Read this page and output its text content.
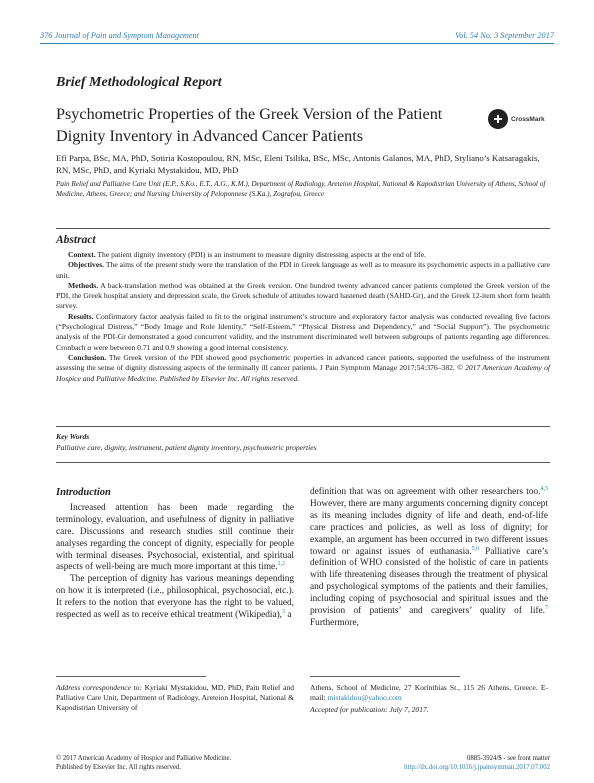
376 Journal of Pain and Symptom Management	Vol. 54 No. 3 September 2017
Brief Methodological Report
Psychometric Properties of the Greek Version of the Patient Dignity Inventory in Advanced Cancer Patients
CrossMark
Efi Parpa, BSc, MA, PhD, Sotiria Kostopoulou, RN, MSc, Eleni Tsilika, BSc, MSc, Antonis Galanos, MA, PhD, Styliano’s Katsaragakis, RN, MSc, PhD, and Kyriaki Mystakidou, MD, PhD
Pain Relief and Palliative Care Unit (E.P., S.Ko., E.T., A.G., K.M.), Department of Radiology, Areteion Hospital, National & Kapodistrian University of Athens, School of Medicine, Athens, Greece; and Nursing University of Peloponnese (S.Ka.), Zografou, Greece
Abstract

Context. The patient dignity inventory (PDI) is an instrument to measure dignity distressing aspects at the end of life.

Objectives. The aims of the present study were the translation of the PDI in Greek language as well as to measure its psychometric aspects in a palliative care unit.

Methods. A back-translation method was obtained at the Greek version. One hundred twenty advanced cancer patients completed the Greek version of the PDI, the Greek hospital anxiety and depression scale, the Greek schedule of attitudes toward hastened death (SAHD-Gr), and the Greek 12-item short form health survey.

Results. Confirmatory factor analysis failed to fit to the original instrument’s structure and exploratory factor analysis was conducted revealing five factors (“Psychological Distress,” “Body Image and Role Identity,” “Self-Esteem,” “Physical Distress and Dependency,” and “Social Support”). The psychometric analysis of the PDI-Gr demonstrated a good concurrent validity, and the instrument discriminated well between subgroups of patients regarding age differences. Cronbach α were between 0.71 and 0.9 showing a good internal consistency.

Conclusion. The Greek version of the PDI showed good psychometric properties in advanced cancer patients, supported the usefulness of the instrument assessing the sense of dignity distressing aspects of the terminally ill cancer patients. J Pain Symptom Manage 2017;54:376–382. © 2017 American Academy of Hospice and Palliative Medicine. Published by Elsevier Inc. All rights reserved.

Key Words
Palliative care, dignity, instrument, patient dignity inventory, psychometric properties
Introduction

Increased attention has been made regarding the terminology, evaluation, and usefulness of dignity in palliative care. Discussions and research studies still continue their analyses regarding the concept of dignity, especially for people with terminal diseases. Psychosocial, existential, and spiritual aspects of well-being are much more important at this time.$^{1,2}$

The perception of dignity has various meanings depending on how it is interpreted (i.e., philosophical, psychosocial, etc.). It refers to the notion that everyone has the right to be valued, respected as well as to receive ethical treatment (Wikipedia),$^3$ a

definition that was on agreement with other researchers too.$^{4,5}$ However, there are many arguments concerning dignity concept as its meaning includes dignity of life and death, end-of-life care practices and policies, as well as loss of dignity; for example, an argument has been occurred in two different issues toward or against issues of euthanasia.$^{5,6}$ Palliative care’s definition of WHO consisted of the holistic of care in patients with life threatening diseases through the treatment of physical and psychological symptoms of the patients and their families, including coping of psychosocial and spiritual issues and the provision of patients’ and caregivers’ quality of life.$^7$ Furthermore,

Address correspondence to: Kyriaki Mystakidou, MD, PhD, Pain Relief and Palliative Care Unit, Department of Radiology, Areteion Hospital, National & Kapodistrian University of
Athens, School of Medicine, 27 Korinthias St., 115 26 Athens, Greece. E-mail: mistakidou@yahoo.com
Accepted for publication: July 7, 2017.
© 2017 American Academy of Hospice and Palliative Medicine.
Published by Elsevier Inc. All rights reserved.
0885-3924/$ - see front matter
http://dx.doi.org/10.1016/j.jpainsymman.2017.07.002
